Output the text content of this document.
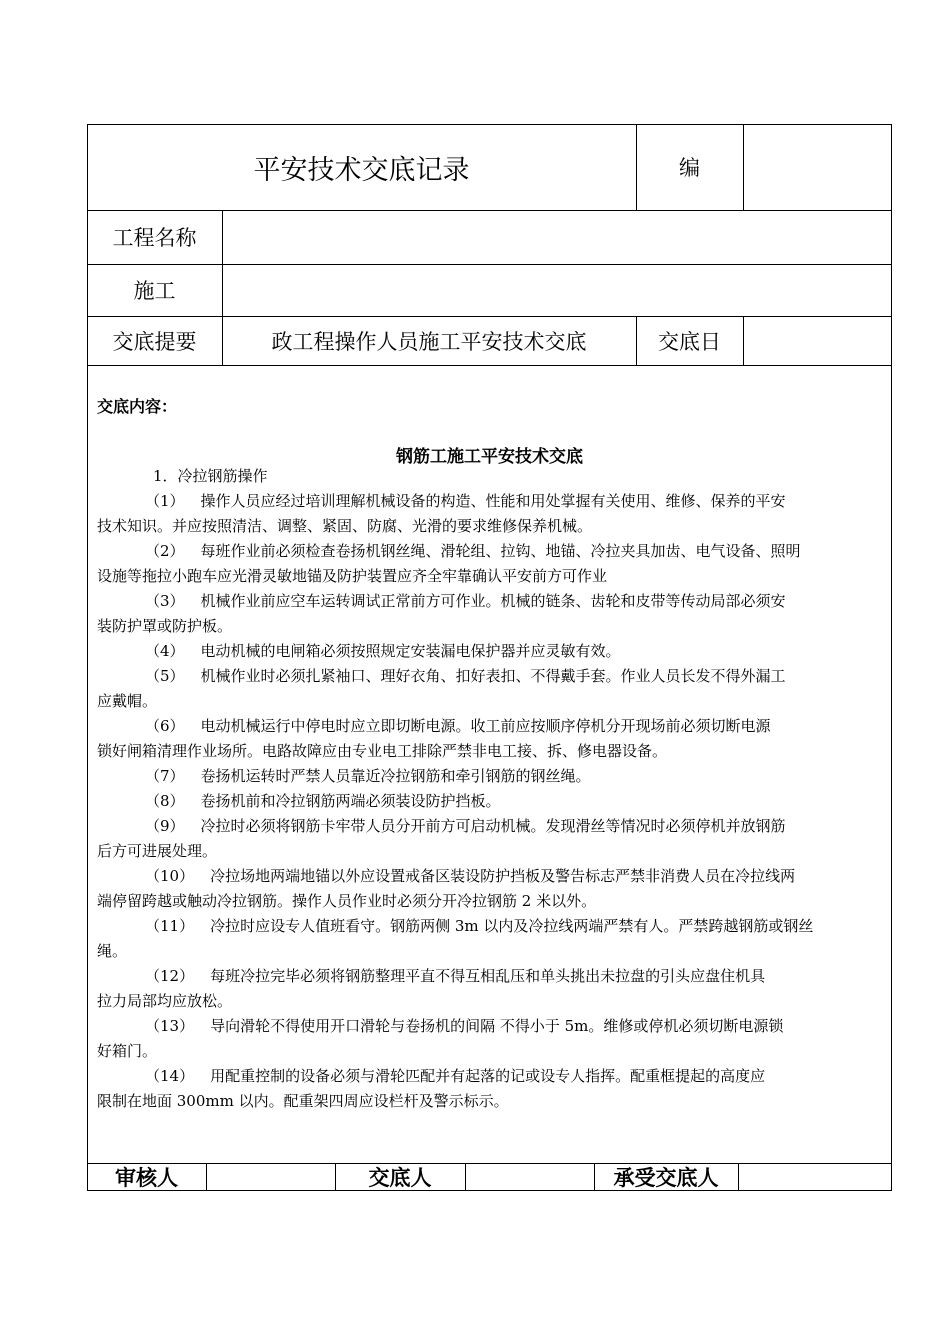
平安技术交底记录	编
工程名称
施工
交底提要	政工程操作人员施工平安技术交底	交底日
交底内容：
钢筋工施工平安技术交底

1．冷拉钢筋操作

（1） 操作人员应经过培训理解机械设备的构造、性能和用处掌握有关使用、维修、保养的平安

技术知识。并应按照清洁、调整、紧固、防腐、光滑的要求维修保养机械。

（2） 每班作业前必须检查卷扬机钢丝绳、滑轮组、拉钩、地锚、冷拉夹具加齿、电气设备、照明

设施等拖拉小跑车应光滑灵敏地锚及防护装置应齐全牢靠确认平安前方可作业

（3） 机械作业前应空车运转调试正常前方可作业。机械的链条、齿轮和皮带等传动局部必须安

装防护罩或防护板。

（4） 电动机械的电闸箱必须按照规定安装漏电保护器并应灵敏有效。

（5） 机械作业时必须扎紧袖口、理好衣角、扣好表扣、不得戴手套。作业人员长发不得外漏工

应戴帽。

（6） 电动机械运行中停电时应立即切断电源。收工前应按顺序停机分开现场前必须切断电源

锁好闸箱清理作业场所。电路故障应由专业电工排除严禁非电工接、拆、修电器设备。

（7） 卷扬机运转时严禁人员靠近冷拉钢筋和牵引钢筋的钢丝绳。

（8） 卷扬机前和冷拉钢筋两端必须装设防护挡板。

（9） 冷拉时必须将钢筋卡牢带人员分开前方可启动机械。发现滑丝等情况时必须停机并放钢筋

后方可进展处理。

（10） 冷拉场地两端地锚以外应设置戒备区装设防护挡板及警告标志严禁非消费人员在冷拉线两

端停留跨越或触动冷拉钢筋。操作人员作业时必须分开冷拉钢筋 2 米以外。

（11） 冷拉时应设专人值班看守。钢筋两侧 3m 以内及冷拉线两端严禁有人。严禁跨越钢筋或钢丝

绳。

（12） 每班冷拉完毕必须将钢筋整理平直不得互相乱压和单头挑出未拉盘的引头应盘住机具

拉力局部均应放松。

（13） 导向滑轮不得使用开口滑轮与卷扬机的间隔 不得小于 5m。维修或停机必须切断电源锁

好箱门。

（14） 用配重控制的设备必须与滑轮匹配并有起落的记或设专人指挥。配重框提起的高度应

限制在地面 300mm 以内。配重架四周应设栏杆及警示标示。

审核人	交底人	承受交底人
